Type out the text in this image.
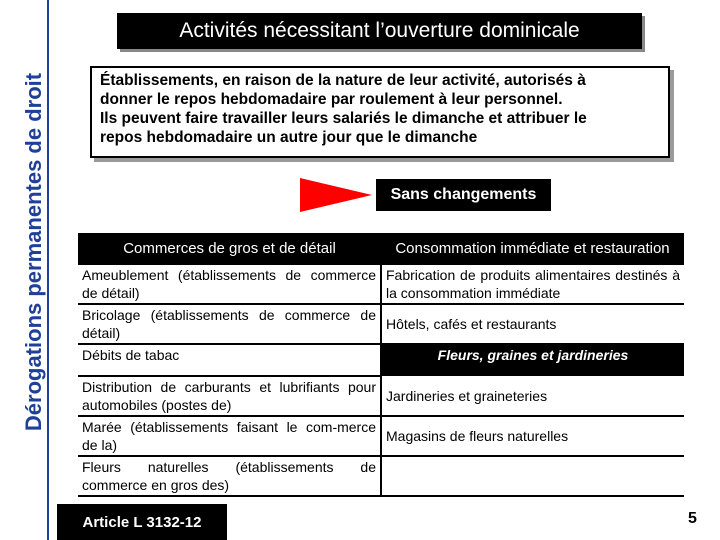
Dérogations permanentes de droit
Activités nécessitant l’ouverture dominicale
Établissements, en raison de la nature de leur activité, autorisés à
donner le repos hebdomadaire par roulement à leur personnel.
Ils peuvent faire travailler leurs salariés le dimanche et attribuer le
repos hebdomadaire un autre jour que le dimanche
Sans changements
Commerces de gros et de détail	Consommation immédiate et restauration
Ameublement (établissements de commerce de détail)	Fabrication de produits alimentaires destinés à la consommation immédiate
Bricolage (établissements de commerce de détail)	Hôtels, cafés et restaurants
Débits de tabac	Fleurs, graines et jardineries
Distribution de carburants et lubrifiants pour automobiles (postes de)	Jardineries et graineteries
Marée (établissements faisant le com-merce de la)	Magasins de fleurs naturelles
Fleurs naturelles (établissements de commerce en gros des)	
Article L 3132-12	5
